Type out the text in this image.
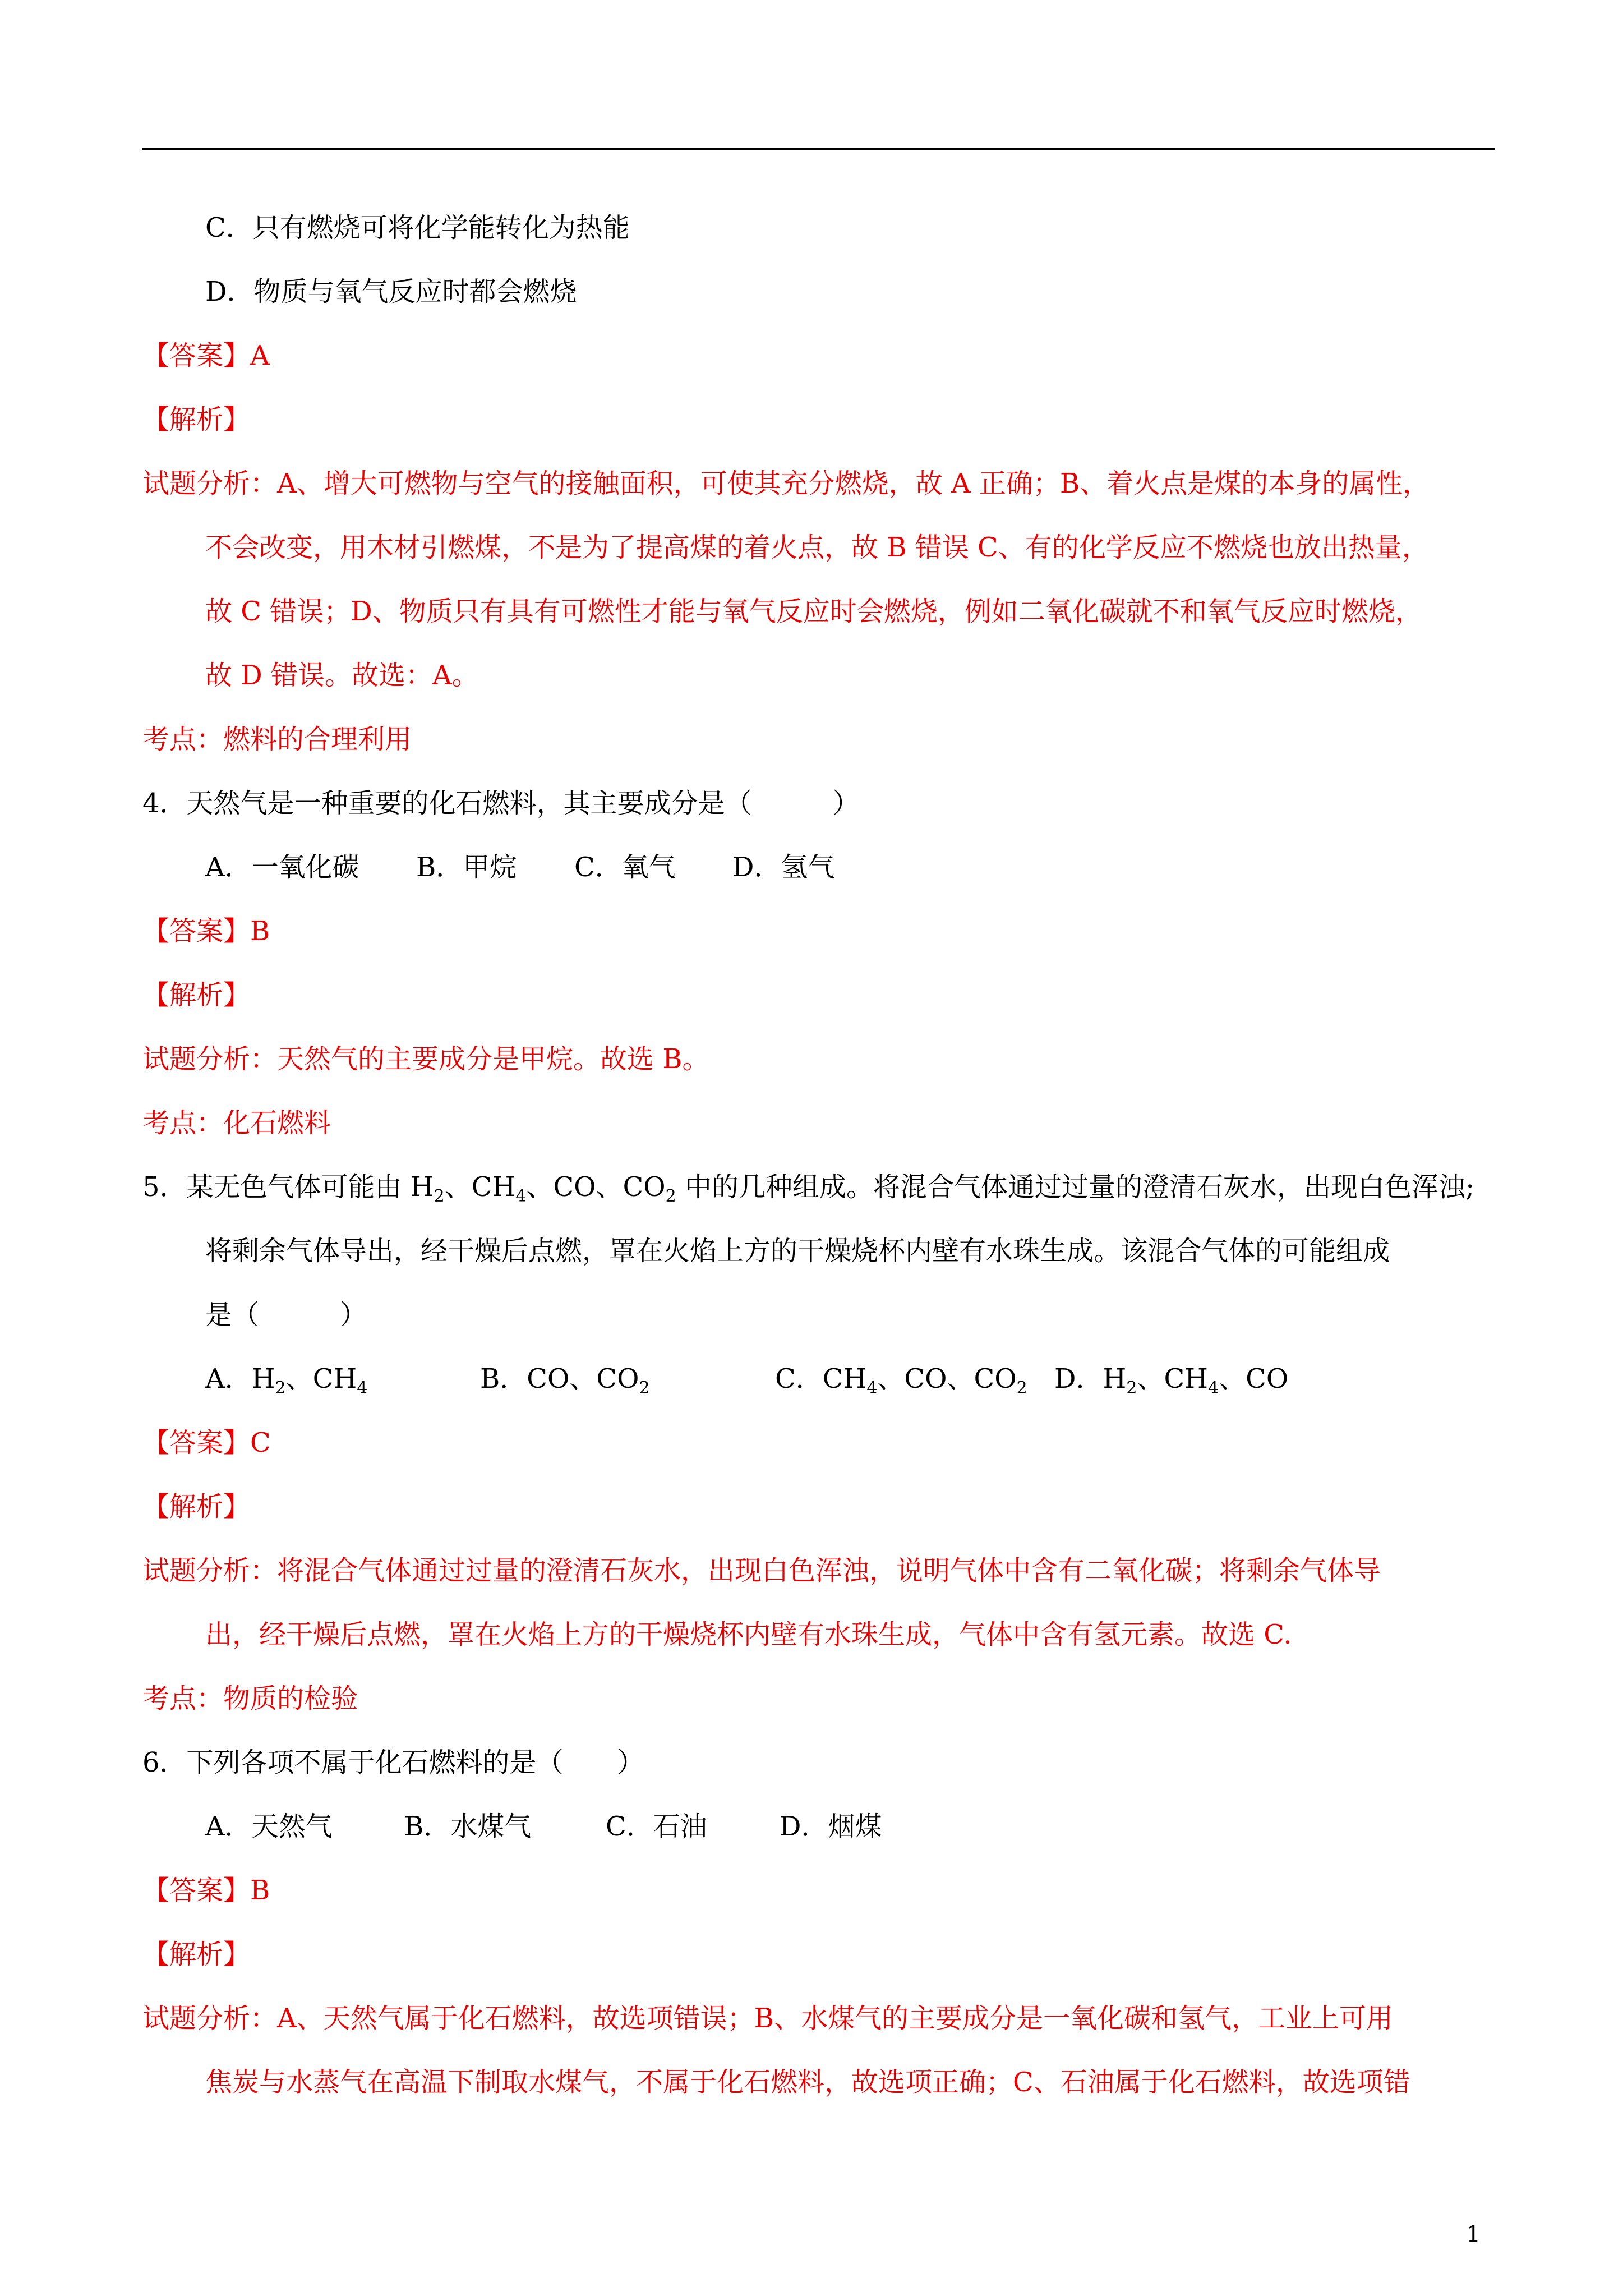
C．只有燃烧可将化学能转化为热能
D．物质与氧气反应时都会燃烧
【答案】A
【解析】
试题分析：A、增大可燃物与空气的接触面积，可使其充分燃烧，故 A 正确；B、着火点是煤的本身的属性，
不会改变，用木材引燃煤，不是为了提高煤的着火点，故 B 错误 C、有的化学反应不燃烧也放出热量，
故 C 错误；D、物质只有具有可燃性才能与氧气反应时会燃烧，例如二氧化碳就不和氧气反应时燃烧，
故 D 错误。故选：A。
考点：燃料的合理利用
4．天然气是一种重要的化石燃料，其主要成分是（　　　）
A．一氧化碳 B．甲烷 C．氧气 D．氢气
【答案】B
【解析】
试题分析：天然气的主要成分是甲烷。故选 B。
考点：化石燃料
5．某无色气体可能由 $H_2$、$CH_4$、CO、$CO_2$ 中的几种组成。将混合气体通过过量的澄清石灰水，出现白色浑浊;
将剩余气体导出，经干燥后点燃，罩在火焰上方的干燥烧杯内壁有水珠生成。该混合气体的可能组成
是（　　　）
A．$H_2$、$CH_4$	B．CO、$CO_2$	C．$CH_4$、CO、$CO_2$ D．$H_2$、$CH_4$、CO
【答案】C
【解析】
试题分析：将混合气体通过过量的澄清石灰水，出现白色浑浊，说明气体中含有二氧化碳；将剩余气体导
出，经干燥后点燃，罩在火焰上方的干燥烧杯内壁有水珠生成，气体中含有氢元素。故选 C.
考点：物质的检验
6．下列各项不属于化石燃料的是（　　）
A．天然气	B．水煤气	C．石油	D．烟煤
【答案】B
【解析】
试题分析：A、天然气属于化石燃料，故选项错误；B、水煤气的主要成分是一氧化碳和氢气，工业上可用
焦炭与水蒸气在高温下制取水煤气，不属于化石燃料，故选项正确；C、石油属于化石燃料，故选项错
1
